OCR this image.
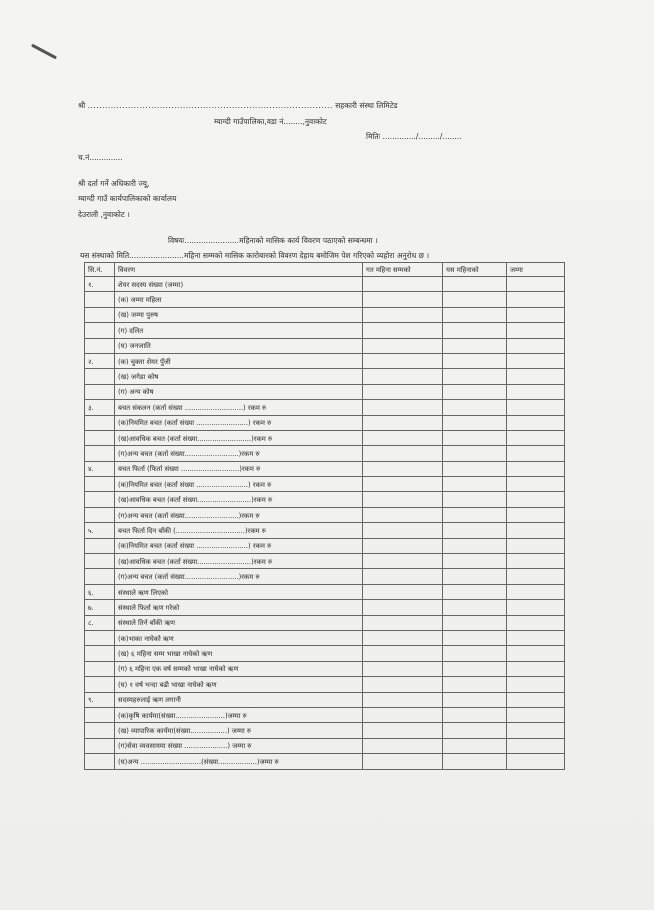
श्री ..................................................................................... सहकारी संस्था लिमिटेड
म्याग्दी गाउँपालिका,वडा नं........,नुवाकोट
मितिः ............../........./........
च.नं..............
श्री दर्ता गर्ने अधिकारी ज्यू,
म्याग्दी गाउँ कार्यपालिकाको कार्यालय
देउराली ,नुवाकोट ।
विषयः.......................महिनाको मासिक कार्य विवरण पठाएको सम्बन्धमा ।
यस संस्थाको मिति.......................महिना सम्मको मासिक कारोबारको विवरण देहाय बमोजिम पेश गरिएको व्यहोरा अनुरोध छ ।
सि.नं.	विवरण	गत महिना सम्मको	यस महिनाको	जम्मा
१.	शेयर सदस्य संख्या (जम्मा)			
	(क) जम्मा महिला			
	(ख) जम्मा पुरुष			
	(ग) दलित			
	(घ) जनजाति			
२.	(क) चुक्ता शेयर पुँजी			
	(ख) जगेडा कोष			
	(ग) अन्य कोष			
३.	बचत संकलन (कर्ता संख्या ...........................) रकम रु			
	(क)नियमित बचत (कर्ता संख्या ........................) रकम रु			
	(ख)आवधिक बचत (कर्ता संख्या.........................)रकम रु			
	(ग)अन्य बचत (कर्ता संख्या.........................)रकम रु			
४.	बचत फिर्ता (फिर्ता संख्या ...........................)रकम रु			
	(क)नियमित बचत (कर्ता संख्या ........................) रकम रु			
	(ख)आवधिक बचत (कर्ता संख्या.........................)रकम रु			
	(ग)अन्य बचत (कर्ता संख्या.........................)रकम रु			
५.	बचत फिर्ता दिन बाँकी (................................)रकम रु			
	(क)नियमित बचत (कर्ता संख्या ........................) रकम रु			
	(ख)आवधिक बचत (कर्ता संख्या.........................)रकम रु			
	(ग)अन्य बचत (कर्ता संख्या.........................)रकम रु			
६.	संस्थाले ऋण लिएको			
७.	संस्थाले फिर्ता ऋण गरेको			
८.	संस्थाले तिर्न बाँकी ऋण			
	(क)भाका नाघेको ऋण			
	(ख) ६ महिना सम्म भाखा नाघेको ऋण			
	(ग) ६ महिना एक वर्ष सम्मको भाखा नाघेको ऋण			
	(घ) १ वर्ष भन्दा बढी भाखा नाघेको ऋण			
९.	सदस्यहरुलाई ऋण लगानी			
	(क)कृषि कार्यमा(संख्या.......................)जम्मा रु			
	(ख) व्यापारिक कार्यमा(संख्या.................) जम्मा रु			
	(ग)सेवा व्यवसायमा संख्या ....................) जम्मा रु			
	(घ)अन्य ............................(संख्या..................)जम्मा रु			
